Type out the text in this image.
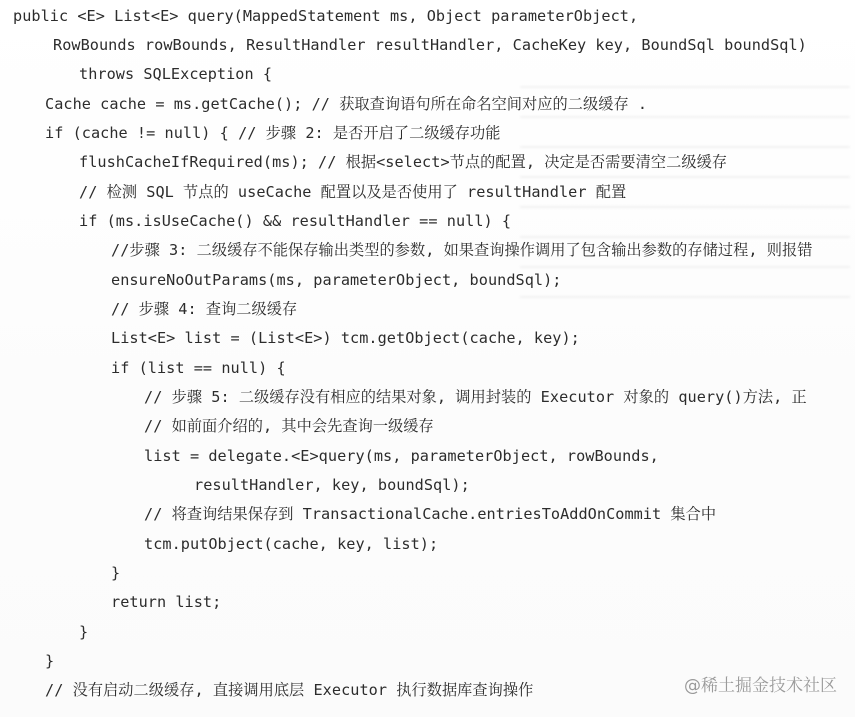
public <E> List<E> query(MappedStatement ms, Object parameterObject,
RowBounds rowBounds, ResultHandler resultHandler, CacheKey key, BoundSql boundSql)
throws SQLException {
Cache cache = ms.getCache(); // 获取查询语句所在命名空间对应的二级缓存 .
if (cache != null) { // 步骤 2: 是否开启了二级缓存功能
flushCacheIfRequired(ms); // 根据<select>节点的配置, 决定是否需要清空二级缓存
// 检测 SQL 节点的 useCache 配置以及是否使用了 resultHandler 配置
if (ms.isUseCache() && resultHandler == null) {
//步骤 3: 二级缓存不能保存输出类型的参数, 如果查询操作调用了包含输出参数的存储过程, 则报错
ensureNoOutParams(ms, parameterObject, boundSql);
// 步骤 4: 查询二级缓存
List<E> list = (List<E>) tcm.getObject(cache, key);
if (list == null) {
// 步骤 5: 二级缓存没有相应的结果对象, 调用封装的 Executor 对象的 query()方法, 正
// 如前面介绍的, 其中会先查询一级缓存
list = delegate.<E>query(ms, parameterObject, rowBounds,
resultHandler, key, boundSql);
// 将查询结果保存到 TransactionalCache.entriesToAddOnCommit 集合中
tcm.putObject(cache, key, list);
}
return list;
}
}
// 没有启动二级缓存, 直接调用底层 Executor 执行数据库查询操作	@稀土掘金技术社区
